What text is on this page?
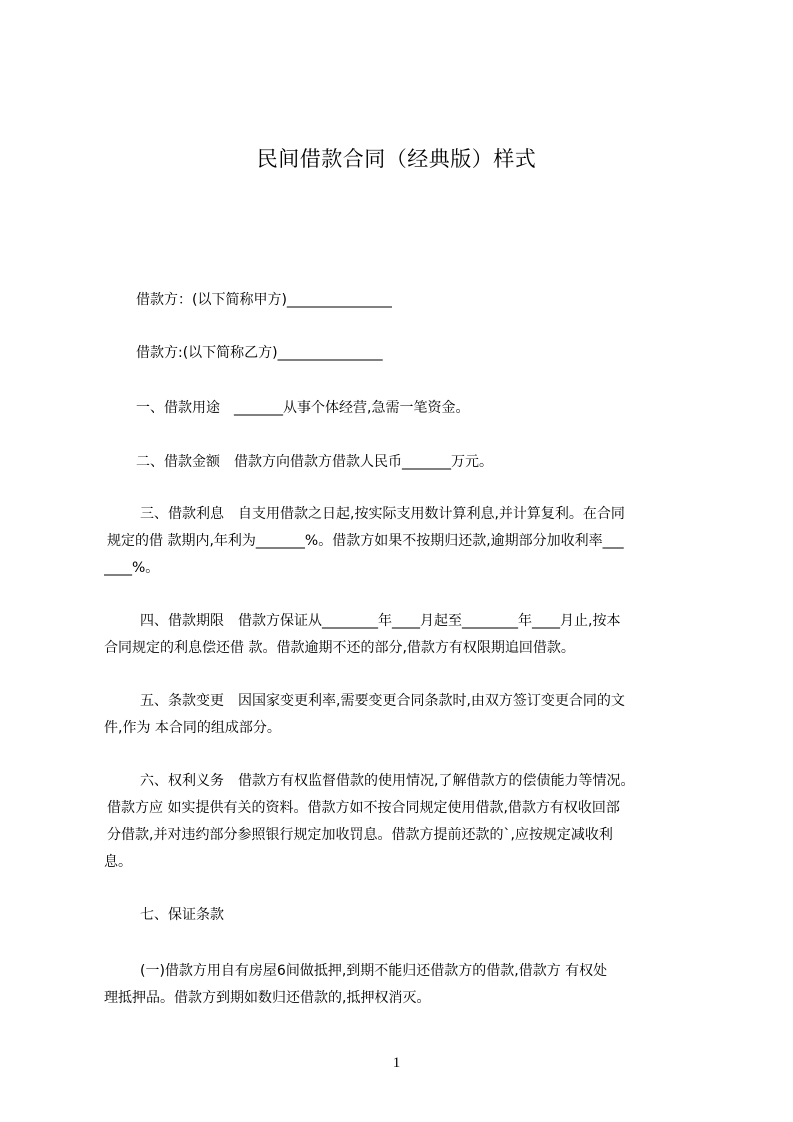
民间借款合同（经典版）样式
借款方：(以下简称甲方)_______________
借款方:(以下简称乙方)_______________
一、借款用途　_______从事个体经营,急需一笔资金。
二、借款金额　借款方向借款方借款人民币_______万元。
三、借款利息　自支用借款之日起,按实际支用数计算利息,并计算复利。在合同
规定的借 款期内,年利为_______%。借款方如果不按期归还款,逾期部分加收利率___
____%。
四、借款期限　借款方保证从________年____月起至________年____月止,按本
合同规定的利息偿还借 款。借款逾期不还的部分,借款方有权限期追回借款。
五、条款变更　因国家变更利率,需要变更合同条款时,由双方签订变更合同的文
件,作为 本合同的组成部分。
六、权利义务　借款方有权监督借款的使用情况,了解借款方的偿债能力等情况。
借款方应 如实提供有关的资料。借款方如不按合同规定使用借款,借款方有权收回部
分借款,并对违约部分参照银行规定加收罚息。借款方提前还款的`,应按规定减收利
息。
七、保证条款
(一)借款方用自有房屋6间做抵押,到期不能归还借款方的借款,借款方 有权处
理抵押品。借款方到期如数归还借款的,抵押权消灭。
1
